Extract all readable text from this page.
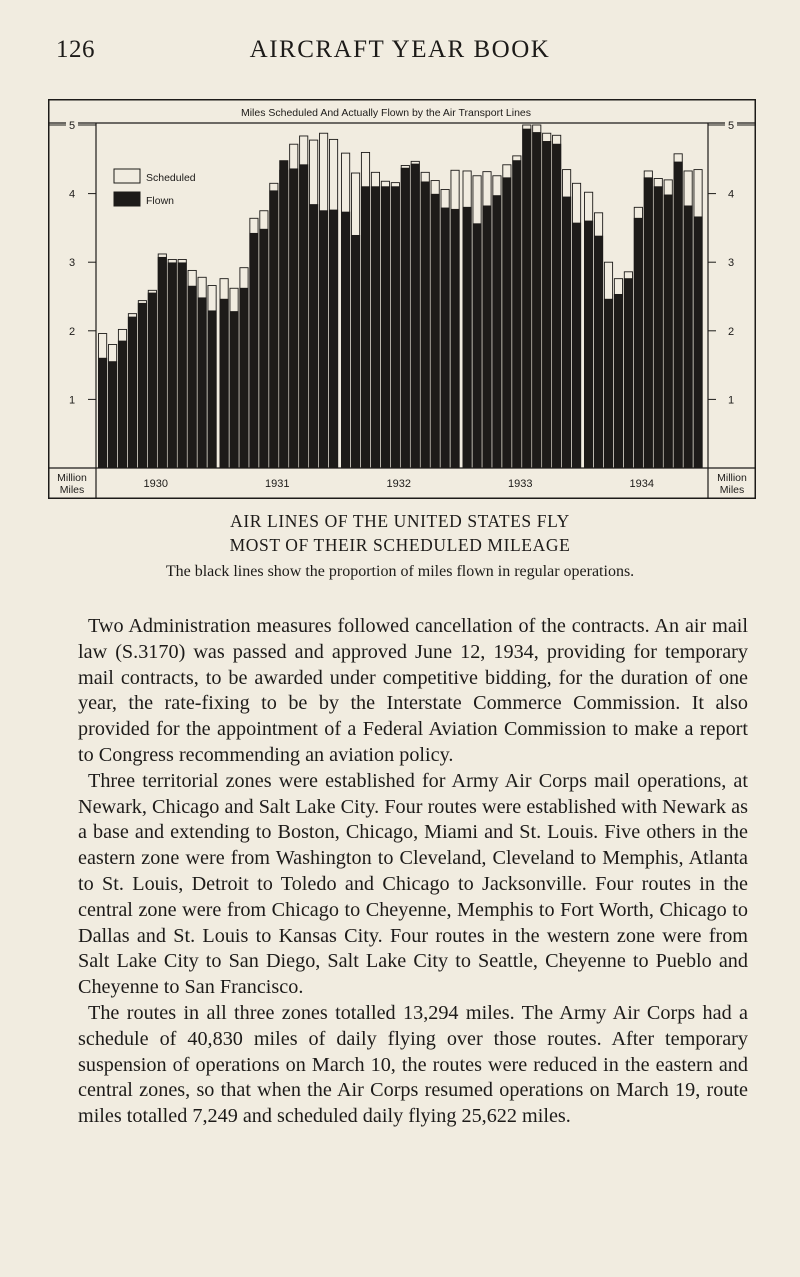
126	AIRCRAFT YEAR BOOK
Miles Scheduled And Actually Flown by the Air Transport Lines
1	1
2	2
3	3
4	4
5	5
Million
Miles
Million
Miles
1930	1931	1932	1933	1934
Scheduled
Flown
AIR LINES OF THE UNITED STATES FLY
MOST OF THEIR SCHEDULED MILEAGE
The black lines show the proportion of miles flown in regular operations.

Two Administration measures followed cancellation of the contracts. An air mail law (S.3170) was passed and approved June 12, 1934, providing for temporary mail contracts, to be awarded under competitive bidding, for the duration of one year, the rate-fixing to be by the Interstate Commerce Commission. It also provided for the appointment of a Federal Aviation Commission to make a report to Congress recommending an aviation policy.

Three territorial zones were established for Army Air Corps mail operations, at Newark, Chicago and Salt Lake City. Four routes were established with Newark as a base and extending to Boston, Chicago, Miami and St. Louis. Five others in the eastern zone were from Washington to Cleveland, Cleveland to Memphis, Atlanta to St. Louis, Detroit to Toledo and Chicago to Jacksonville. Four routes in the central zone were from Chicago to Cheyenne, Memphis to Fort Worth, Chicago to Dallas and St. Louis to Kansas City. Four routes in the western zone were from Salt Lake City to San Diego, Salt Lake City to Seattle, Cheyenne to Pueblo and Cheyenne to San Francisco.

The routes in all three zones totalled 13,294 miles. The Army Air Corps had a schedule of 40,830 miles of daily flying over those routes. After temporary suspension of operations on March 10, the routes were reduced in the eastern and central zones, so that when the Air Corps resumed operations on March 19, route miles totalled 7,249 and scheduled daily flying 25,622 miles.
